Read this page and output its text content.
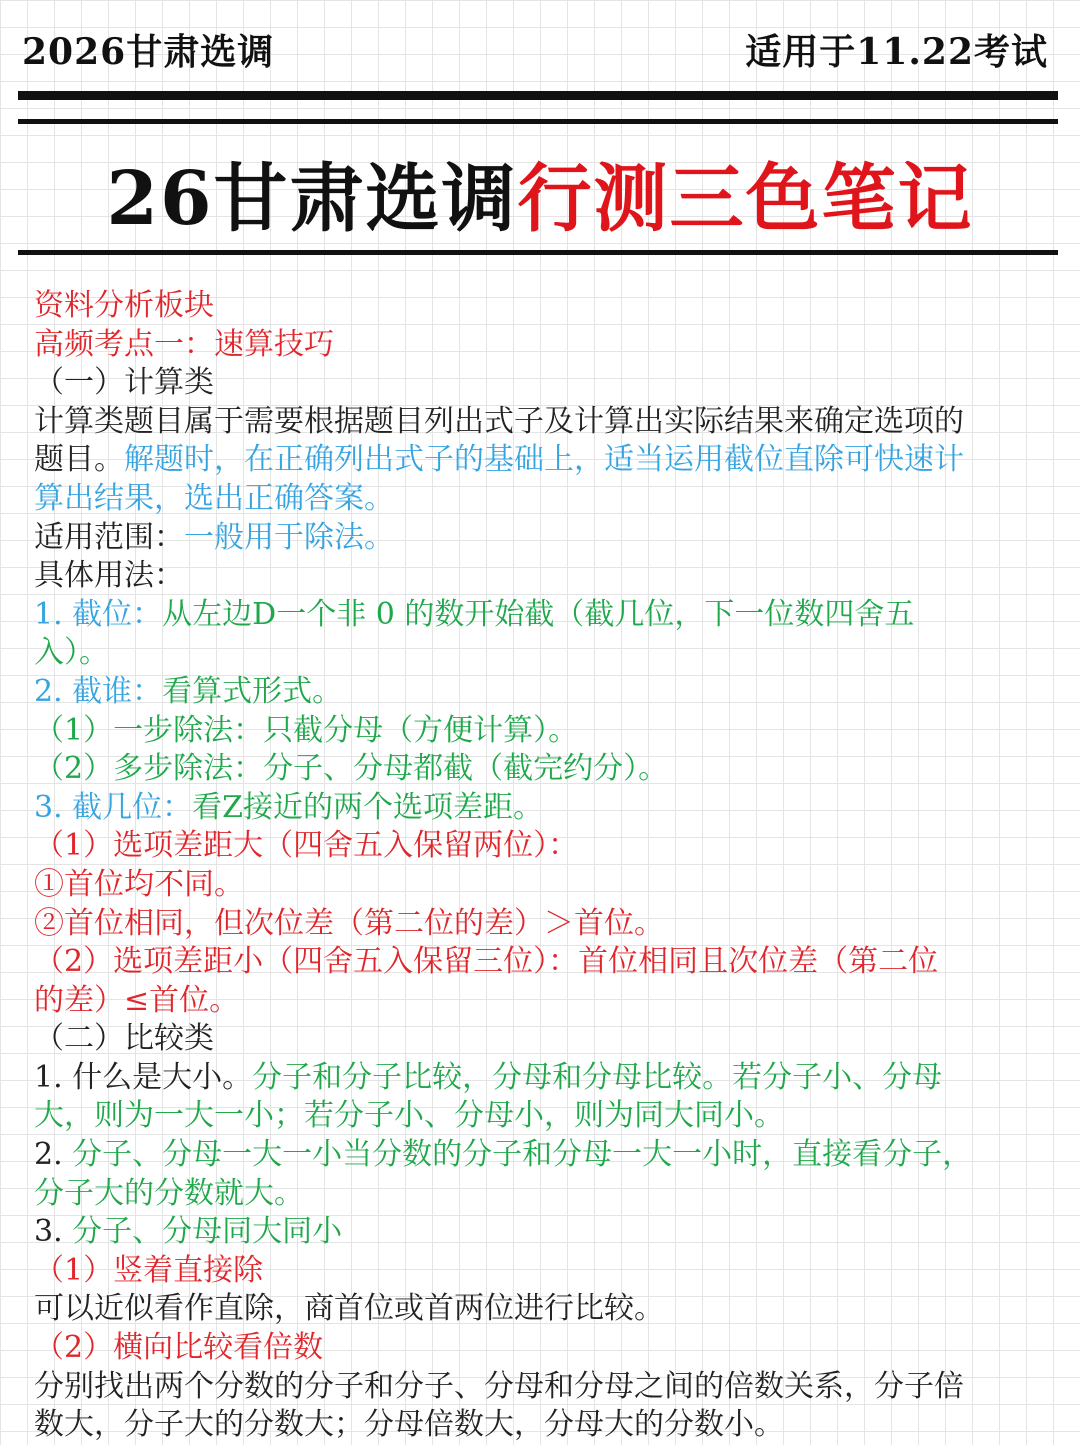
2026甘肃选调	适用于11.22考试
26甘肃选调行测三色笔记
资料分析板块
高频考点一：速算技巧
（一）计算类
计算类题目属于需要根据题目列出式子及计算出实际结果来确定选项的
题目。解题时，在正确列出式子的基础上，适当运用截位直除可快速计
算出结果，选出正确答案。
适用范围：一般用于除法。
具体用法：
1. 截位：从左边D一个非 0 的数开始截（截几位，下一位数四舍五
入）。
2. 截谁：看算式形式。
（1）一步除法：只截分母（方便计算）。
（2）多步除法：分子、分母都截（截完约分）。
3. 截几位：看Z接近的两个选项差距。
（1）选项差距大（四舍五入保留两位）：
①首位均不同。
②首位相同，但次位差（第二位的差）＞首位。
（2）选项差距小（四舍五入保留三位）：首位相同且次位差（第二位
的差）≤首位。
（二）比较类
1. 什么是大小。分子和分子比较，分母和分母比较。若分子小、分母
大，则为一大一小；若分子小、分母小，则为同大同小。
2. 分子、分母一大一小当分数的分子和分母一大一小时，直接看分子，
分子大的分数就大。
3. 分子、分母同大同小
（1）竖着直接除
可以近似看作直除，商首位或首两位进行比较。
（2）横向比较看倍数
分别找出两个分数的分子和分子、分母和分母之间的倍数关系，分子倍
数大，分子大的分数大；分母倍数大，分母大的分数小。
